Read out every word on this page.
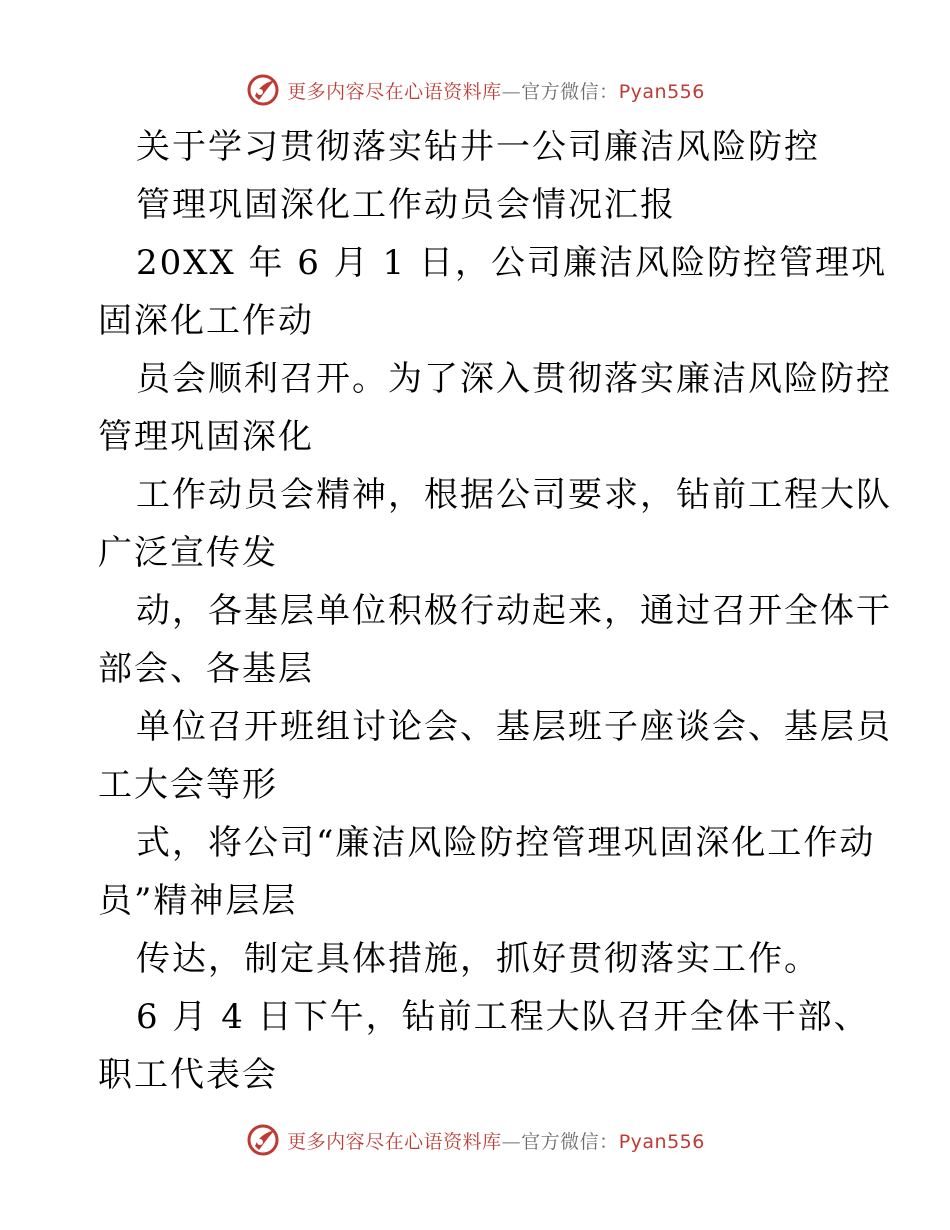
更多内容尽在心语资料库—官方微信：Pyan556
关于学习贯彻落实钻井一公司廉洁风险防控
管理巩固深化工作动员会情况汇报
20XX 年 6 月 1 日，公司廉洁风险防控管理巩
固深化工作动
员会顺利召开。为了深入贯彻落实廉洁风险防控
管理巩固深化
工作动员会精神，根据公司要求，钻前工程大队
广泛宣传发
动，各基层单位积极行动起来，通过召开全体干
部会、各基层
单位召开班组讨论会、基层班子座谈会、基层员
工大会等形
式，将公司“廉洁风险防控管理巩固深化工作动
员”精神层层
传达，制定具体措施，抓好贯彻落实工作。
6 月 4 日下午，钻前工程大队召开全体干部、
职工代表会
更多内容尽在心语资料库—官方微信：Pyan556
